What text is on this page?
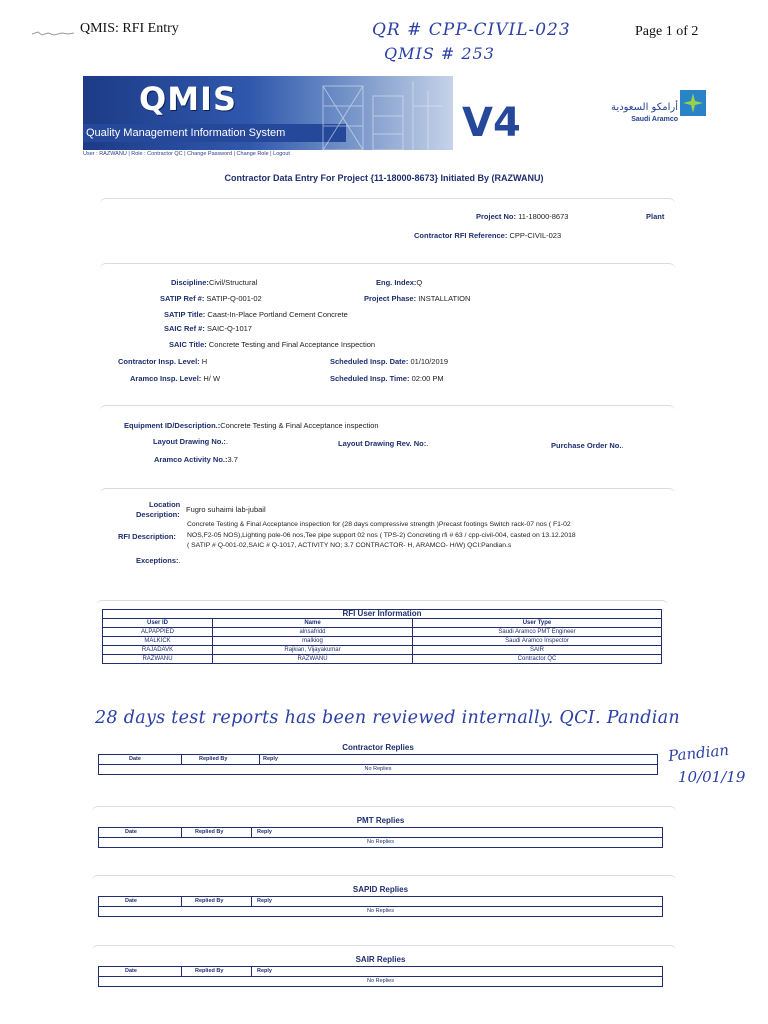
QMIS: RFI Entry	Page 1 of 2
QR # CPP-CIVIL-023
QMIS # 253
QMIS
Quality Management Information System	V4	أرامكو السعودية
Saudi Aramco
User : RAZWANU | Role : Contractor QC | Change Password | Change Role | Logout
Contractor Data Entry For Project {11-18000-8673} Initiated By (RAZWANU)
Project No: 11-18000-8673	Plant
Contractor RFI Reference: CPP-CIVIL-023
Discipline:Civil/Structural	Eng. Index:Q
SATIP Ref #: SATIP-Q-001-02	Project Phase: INSTALLATION
SATIP Title: Caast-In-Place Portland Cement Concrete
SAIC Ref #: SAIC-Q-1017
SAIC Title: Concrete Testing and Final Acceptance Inspection
Contractor Insp. Level: H	Scheduled Insp. Date: 01/10/2019
Aramco Insp. Level: H/ W	Scheduled Insp. Time: 02:00 PM
Equipment ID/Description.:Concrete Testing & Final Acceptance inspection
Layout Drawing No.:.	Layout Drawing Rev. No:.	Purchase Order No..
Aramco Activity No.:3.7
Location
Description:
Fugro suhaimi lab-jubail
Concrete Testing & Final Acceptance inspection for (28 days compressive strength )Precast footings Switch rack-07 nos ( F1-02
RFI Description: NOS,F2-05 NOS),Lighting pole-06 nos,Tee pipe support 02 nos ( TPS-2) Concreting rfi # 63 / cpp-civil-004, casted on 13.12.2018
( SATIP # Q-001-02,SAIC # Q-1017, ACTIVITY NO; 3.7 CONTRACTOR- H, ARAMCO- H/W) QCI:Pandian.s
Exceptions:.
RFI User Information		
User ID	Name	User Type
ALPAPPIED	alnsafridd	Saudi Aramco PMT Engineer
MALKICK	malkiog	Saudi Aramco Inspector
RAJADAVK	Rajkian, Vijayakumar	SAIR
RAZWANU	RAZWANU	Contractor QC
28 days test reports has been reviewed internally. QCI. Pandian
Pandian
10/01/19
Contractor Replies
Date	Replied By	Reply
No Replies
PMT Replies
Date	Replied By	Reply
No Replies
SAPID Replies
Date	Replied By	Reply
No Replies
SAIR Replies
Date	Replied By	Reply
No Replies
